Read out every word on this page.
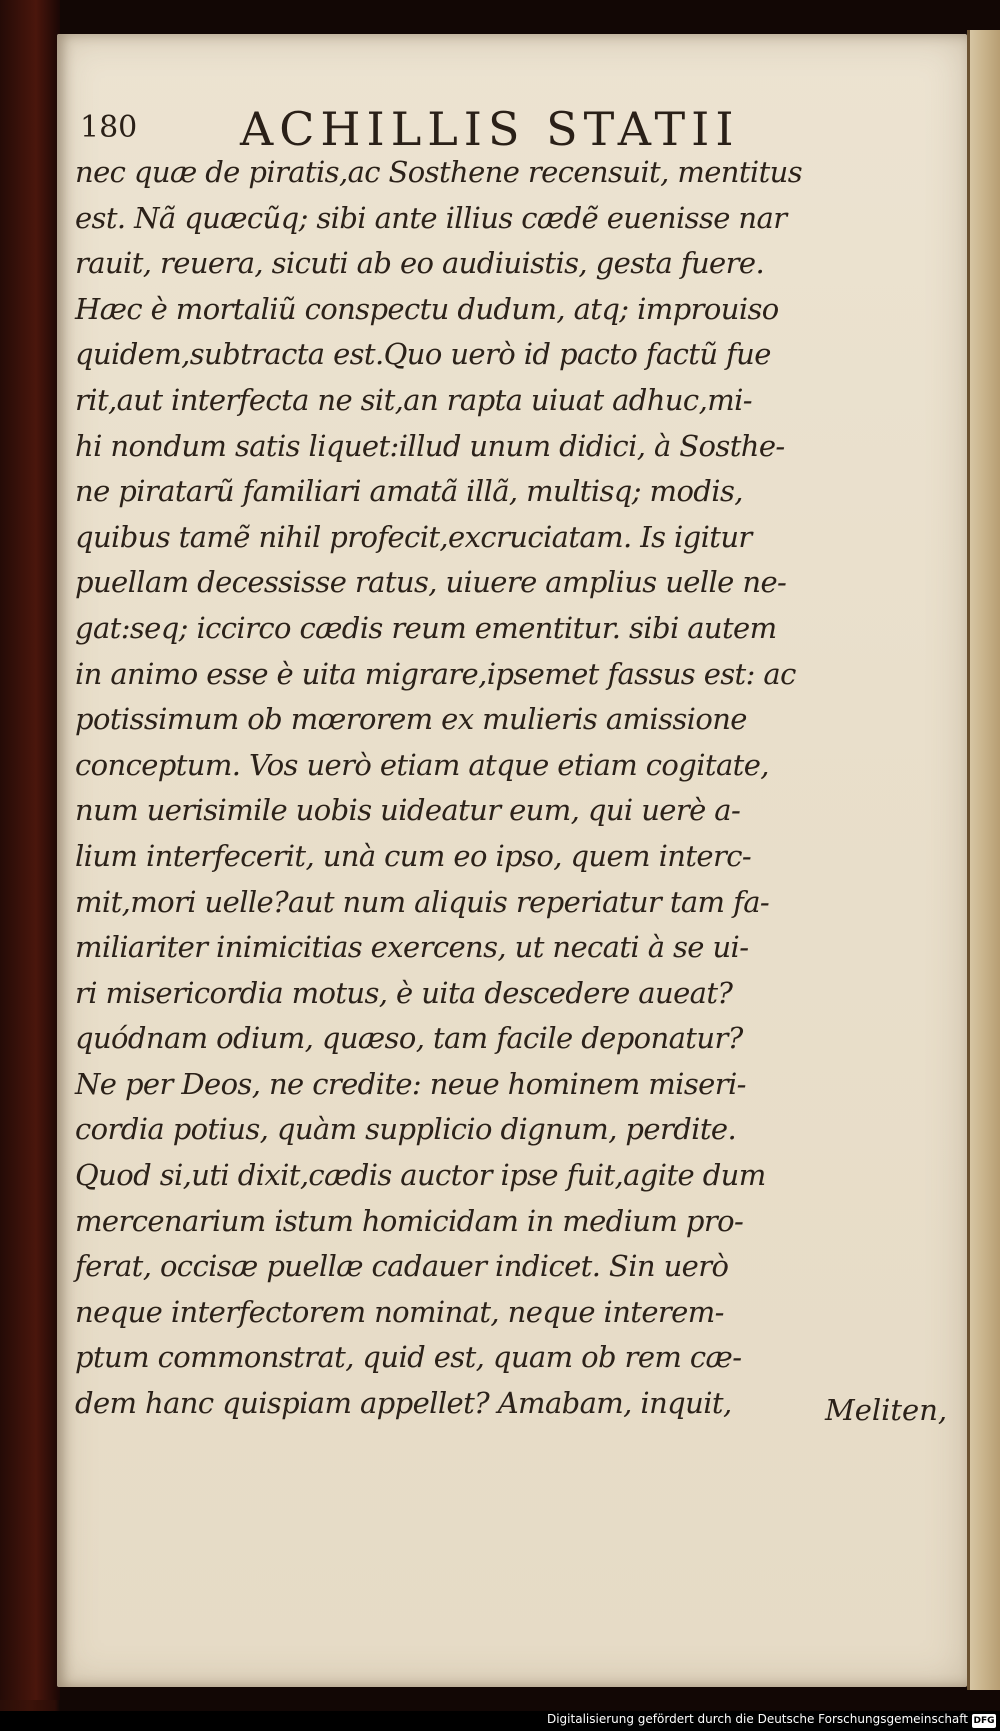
180 ACHILLIS STATII
nec quæ de piratis,ac Sosthene recensuit, mentitus
est. Nã quæcũq; sibi ante illius cædẽ euenisse nar
rauit, reuera, sicuti ab eo audiuistis, gesta fuere.
Hæc è mortaliũ conspectu dudum, atq; improuiso
quidem,subtracta est.Quo uerò id pacto factũ fue
rit,aut interfecta ne sit,an rapta uiuat adhuc,mi-
hi nondum satis liquet:illud unum didici, à Sosthe-
ne piratarũ familiari amatã illã, multisq; modis,
quibus tamẽ nihil profecit,excruciatam. Is igitur
puellam decessisse ratus, uiuere amplius uelle ne-
gat:seq; iccirco cædis reum ementitur. sibi autem
in animo esse è uita migrare,ipsemet fassus est: ac
potissimum ob mœrorem ex mulieris amissione
conceptum. Vos uerò etiam atque etiam cogitate,
num uerisimile uobis uideatur eum, qui uerè a-
lium interfecerit, unà cum eo ipso, quem interc-
mit,mori uelle?aut num aliquis reperiatur tam fa-
miliariter inimicitias exercens, ut necati à se ui-
ri misericordia motus, è uita descedere aueat?
quódnam odium, quæso, tam facile deponatur?
Ne per Deos, ne credite: neue hominem miseri-
cordia potius, quàm supplicio dignum, perdite.
Quod si,uti dixit,cædis auctor ipse fuit,agite dum
mercenarium istum homicidam in medium pro-
ferat, occisæ puellæ cadauer indicet. Sin uerò
neque interfectorem nominat, neque interem-
ptum commonstrat, quid est, quam ob rem cæ-
dem hanc quispiam appellet? Amabam, inquit,	Meliten,
Digitalisierung gefördert durch die Deutsche Forschungsgemeinschaft DFG
